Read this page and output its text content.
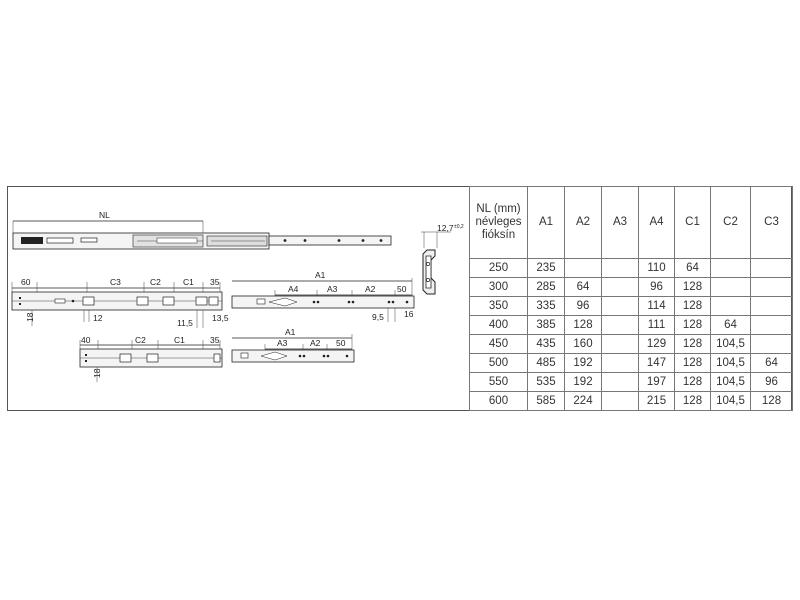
NL
12,7 ±0,2
60	C3	C2	C1 35
18	12	11,5 13,5
A1
A4	A3	A2	50
9,5 16
40	C2	C1	35
18
A1
A3	A2 50
NL (mm)
névleges
fióksín	A1	A2	A3	A4	C1	C2	C3
250	235			110	64		
300	285	64		96	128		
350	335	96		114	128		
400	385	128		111	128	64	
450	435	160		129	128	104,5	
500	485	192		147	128	104,5	64
550	535	192		197	128	104,5	96
600	585	224		215	128	104,5	128
